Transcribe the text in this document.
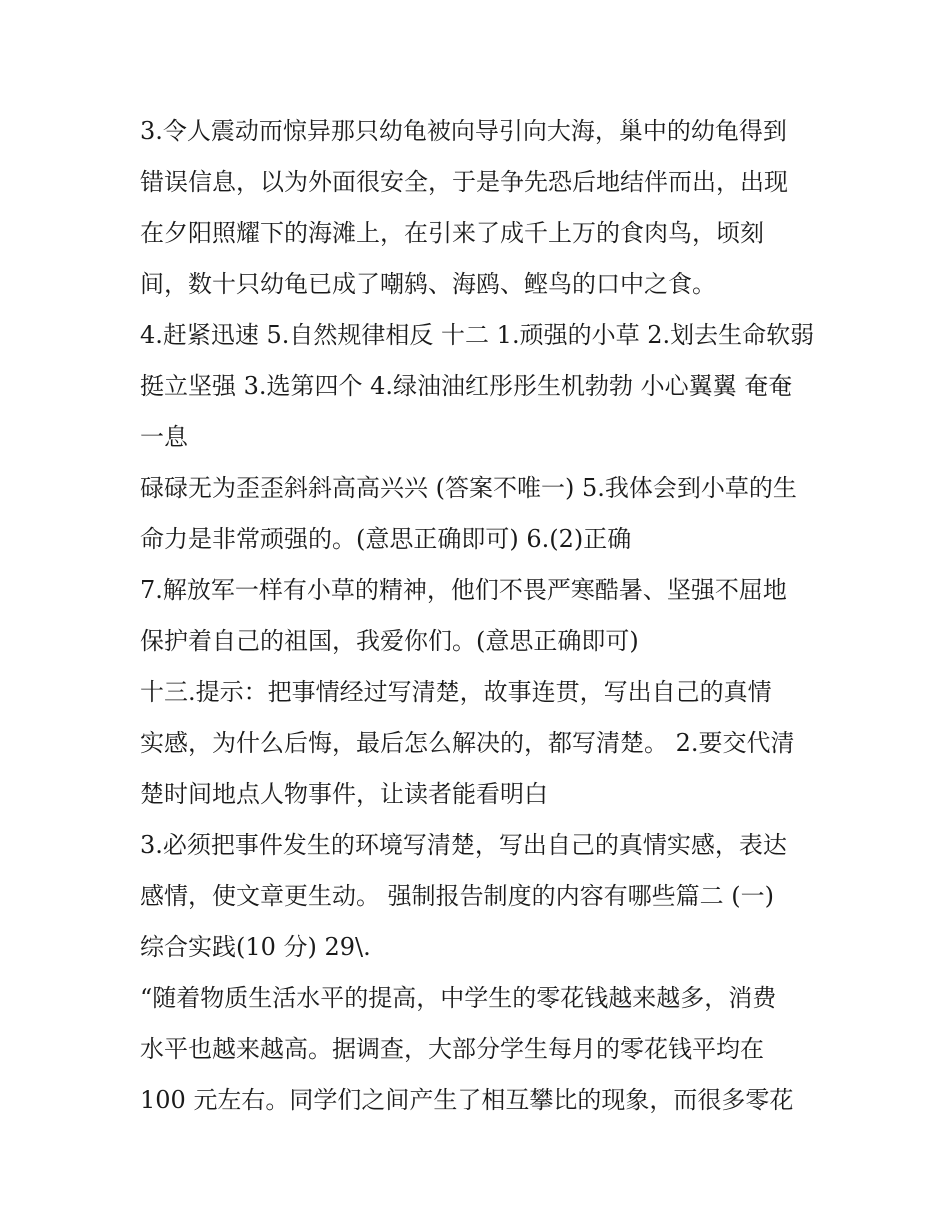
3.令人震动而惊异那只幼龟被向导引向大海，巢中的幼龟得到
错误信息，以为外面很安全，于是争先恐后地结伴而出，出现
在夕阳照耀下的海滩上，在引来了成千上万的食肉鸟，顷刻
间，数十只幼龟已成了嘲鸫、海鸥、鲣鸟的口中之食。
4.赶紧迅速 5.自然规律相反 十二 1.顽强的小草 2.划去生命软弱
挺立坚强 3.选第四个 4.绿油油红彤彤生机勃勃 小心翼翼 奄奄
一息
碌碌无为歪歪斜斜高高兴兴 (答案不唯一) 5.我体会到小草的生
命力是非常顽强的。(意思正确即可) 6.(2)正确
7.解放军一样有小草的精神，他们不畏严寒酷暑、坚强不屈地
保护着自己的祖国，我爱你们。(意思正确即可)
十三.提示：把事情经过写清楚，故事连贯，写出自己的真情
实感，为什么后悔，最后怎么解决的，都写清楚。 2.要交代清
楚时间地点人物事件，让读者能看明白
3.必须把事件发生的环境写清楚，写出自己的真情实感，表达
感情，使文章更生动。 强制报告制度的内容有哪些篇二 (一)
综合实践(10 分) 29\.
“随着物质生活水平的提高，中学生的零花钱越来越多，消费
水平也越来越高。据调查，大部分学生每月的零花钱平均在
100 元左右。同学们之间产生了相互攀比的现象，而很多零花
